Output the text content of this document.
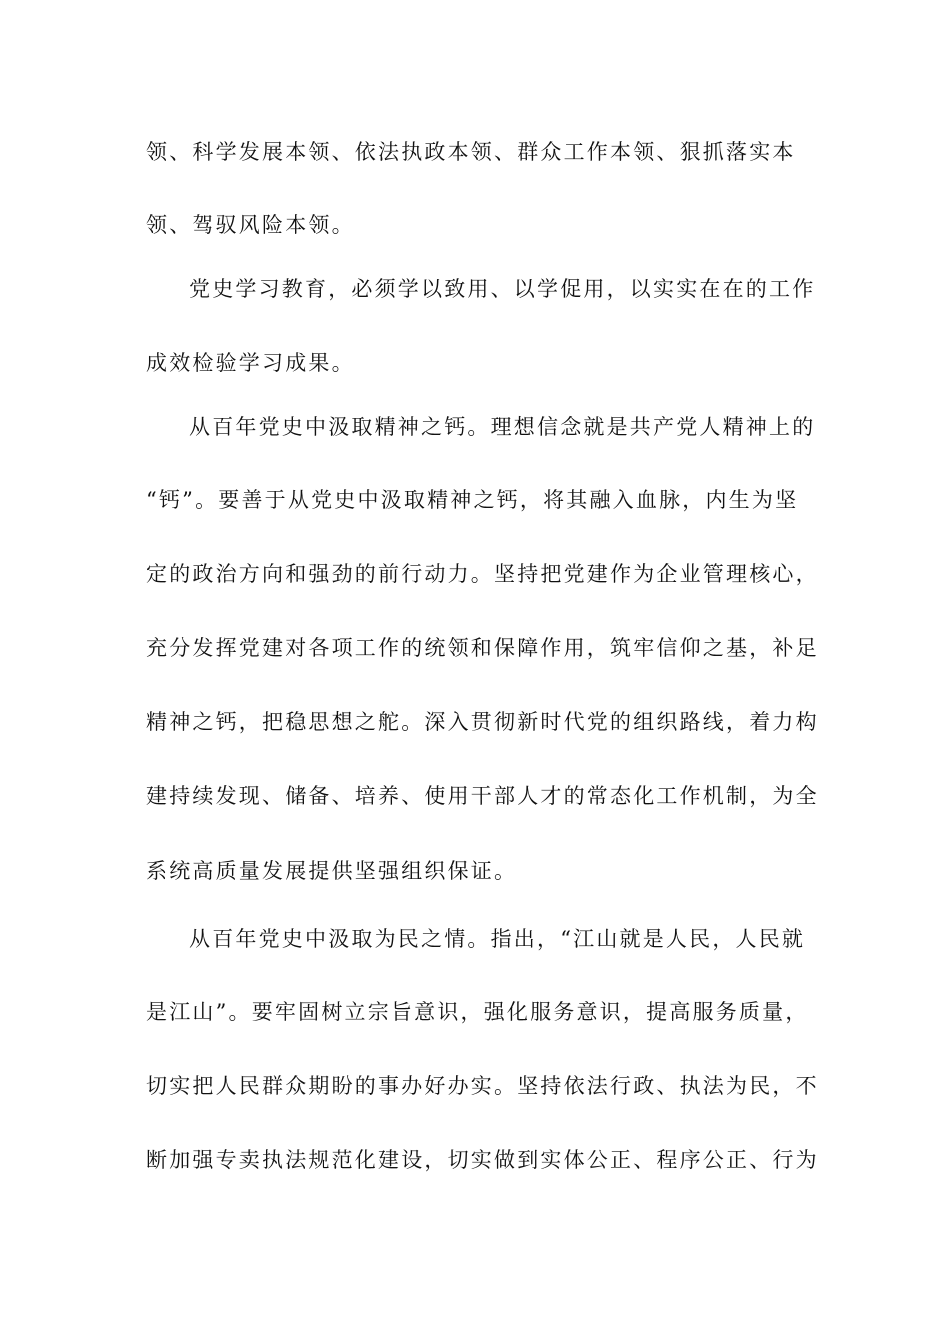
领、科学发展本领、依法执政本领、群众工作本领、狠抓落实本
领、驾驭风险本领。
党史学习教育，必须学以致用、以学促用，以实实在在的工作
成效检验学习成果。
从百年党史中汲取精神之钙。理想信念就是共产党人精神上的
“钙”。要善于从党史中汲取精神之钙，将其融入血脉，内生为坚
定的政治方向和强劲的前行动力。坚持把党建作为企业管理核心，
充分发挥党建对各项工作的统领和保障作用，筑牢信仰之基，补足
精神之钙，把稳思想之舵。深入贯彻新时代党的组织路线，着力构
建持续发现、储备、培养、使用干部人才的常态化工作机制，为全
系统高质量发展提供坚强组织保证。
从百年党史中汲取为民之情。指出，“江山就是人民，人民就
是江山”。要牢固树立宗旨意识，强化服务意识，提高服务质量，
切实把人民群众期盼的事办好办实。坚持依法行政、执法为民，不
断加强专卖执法规范化建设，切实做到实体公正、程序公正、行为
